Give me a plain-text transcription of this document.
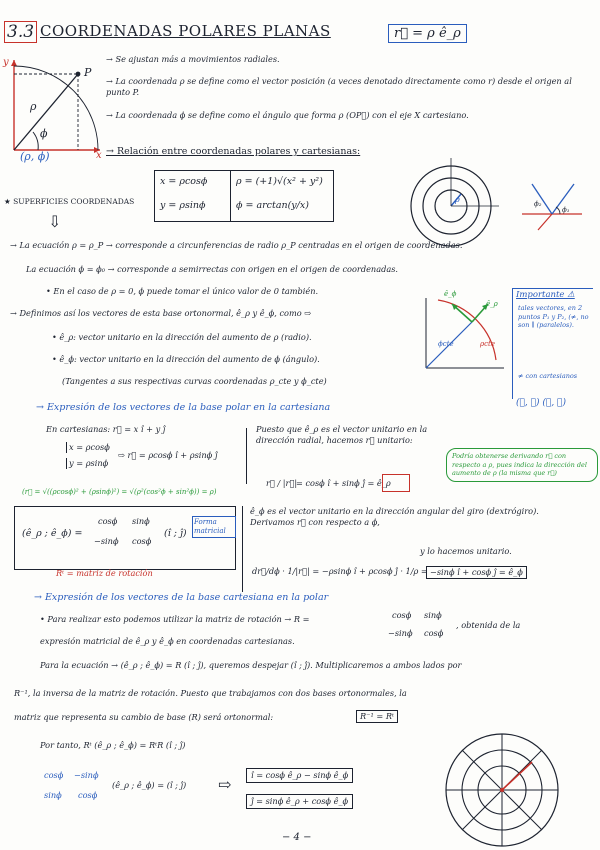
3.3 COORDENADAS POLARES PLANAS	r⃗ = ρ ê_ρ
y
x
P
ρ
ϕ
(ρ, ϕ)
→ Se ajustan más a movimientos radiales.
→ La coordenada ρ se define como el vector posición (a veces denotado directamente como r) desde el origen al punto P.
→ La coordenada ϕ se define como el ángulo que forma ρ (OP⃗) con el eje X cartesiano.
→ Relación entre coordenadas polares y cartesianas:
x = ρcosϕ
y = ρsinϕ
ρ = (+1)√(x² + y²)
ϕ = arctan(y/x)
ρ	ϕ₂
ϕ₁
★ SUPERFICIES COORDENADAS
⇩
→ La ecuación ρ = ρ_P → corresponde a circunferencias de radio ρ_P centradas en el origen de coordenadas.
La ecuación ϕ = ϕ₀ → corresponde a semirrectas con origen en el origen de coordenadas.
• En el caso de ρ = 0, ϕ puede tomar el único valor de 0 también.
→ Definimos así los vectores de esta base ortonormal, ê_ρ y ê_ϕ, como ⇨
• ê_ρ: vector unitario en la dirección del aumento de ρ (radio).
• ê_ϕ: vector unitario en la dirección del aumento de ϕ (ángulo).
(Tangentes a sus respectivas curvas coordenadas ρ_cte y ϕ_cte)
ê_ϕ
ê_ρ
ϕcte	ρcte
Importante ⚠
tales vectores, en 2 puntos P₁ y P₂, (≠, no son ∥ (paralelos).
≠ con cartesianos
(⃗, ⃗) (⃗, ⃗)
→ Expresión de los vectores de la base polar en la cartesiana
En cartesianas: r⃗ = x î + y ĵ
x = ρcosϕ
y = ρsinϕ
⇨ r⃗ = ρcosϕ î + ρsinϕ ĵ
(r⃗ = √((ρcosϕ)² + (ρsinϕ)²) = √(ρ²(cos²ϕ + sin²ϕ)) = ρ)
Puesto que ê_ρ es el vector unitario en la dirección radial, hacemos r⃗ unitario:
r⃗ / |r⃗|
= cosϕ î + sinϕ ĵ = ê_ρ
Podría obtenerse derivando r⃗ con respecto a ρ, pues indica la dirección del aumento de ρ (la misma que r⃗)
(ê_ρ ; ê_ϕ) =
cosϕ sinϕ
−sinϕ cosϕ
(î ; ĵ)
Forma matricial
Rᵗ = matriz de rotación
ê_ϕ es el vector unitario en la dirección angular del giro (dextrógiro). Derivamos r⃗ con respecto a ϕ,
y lo hacemos unitario.
dr⃗/dϕ · 1/|r⃗| = −ρsinϕ î + ρcosϕ ĵ · 1/ρ = −sinϕ î + cosϕ ĵ = ê_ϕ
→ Expresión de los vectores de la base cartesiana en la polar
• Para realizar esto podemos utilizar la matriz de rotación → R =	cosϕ sinϕ
−sinϕ cosϕ
, obtenida de la
expresión matricial de ê_ρ y ê_ϕ en coordenadas cartesianas.
Para la ecuación → (ê_ρ ; ê_ϕ) = R (î ; ĵ), queremos despejar (î ; ĵ). Multiplicaremos a ambos lados por
R⁻¹, la inversa de la matriz de rotación. Puesto que trabajamos con dos bases ortonormales, la
matriz que representa su cambio de base (R) será ortonormal:	R⁻¹ = Rᵗ
Por tanto, Rᵗ (ê_ρ ; ê_ϕ) = RᵗR (î ; ĵ)
cosϕ −sinϕ
sinϕ cosϕ
(ê_ρ ; ê_ϕ) = (î ; ĵ) ⇨	î = cosϕ ê_ρ − sinϕ ê_ϕ
ĵ = sinϕ ê_ρ + cosϕ ê_ϕ
− 4 −
